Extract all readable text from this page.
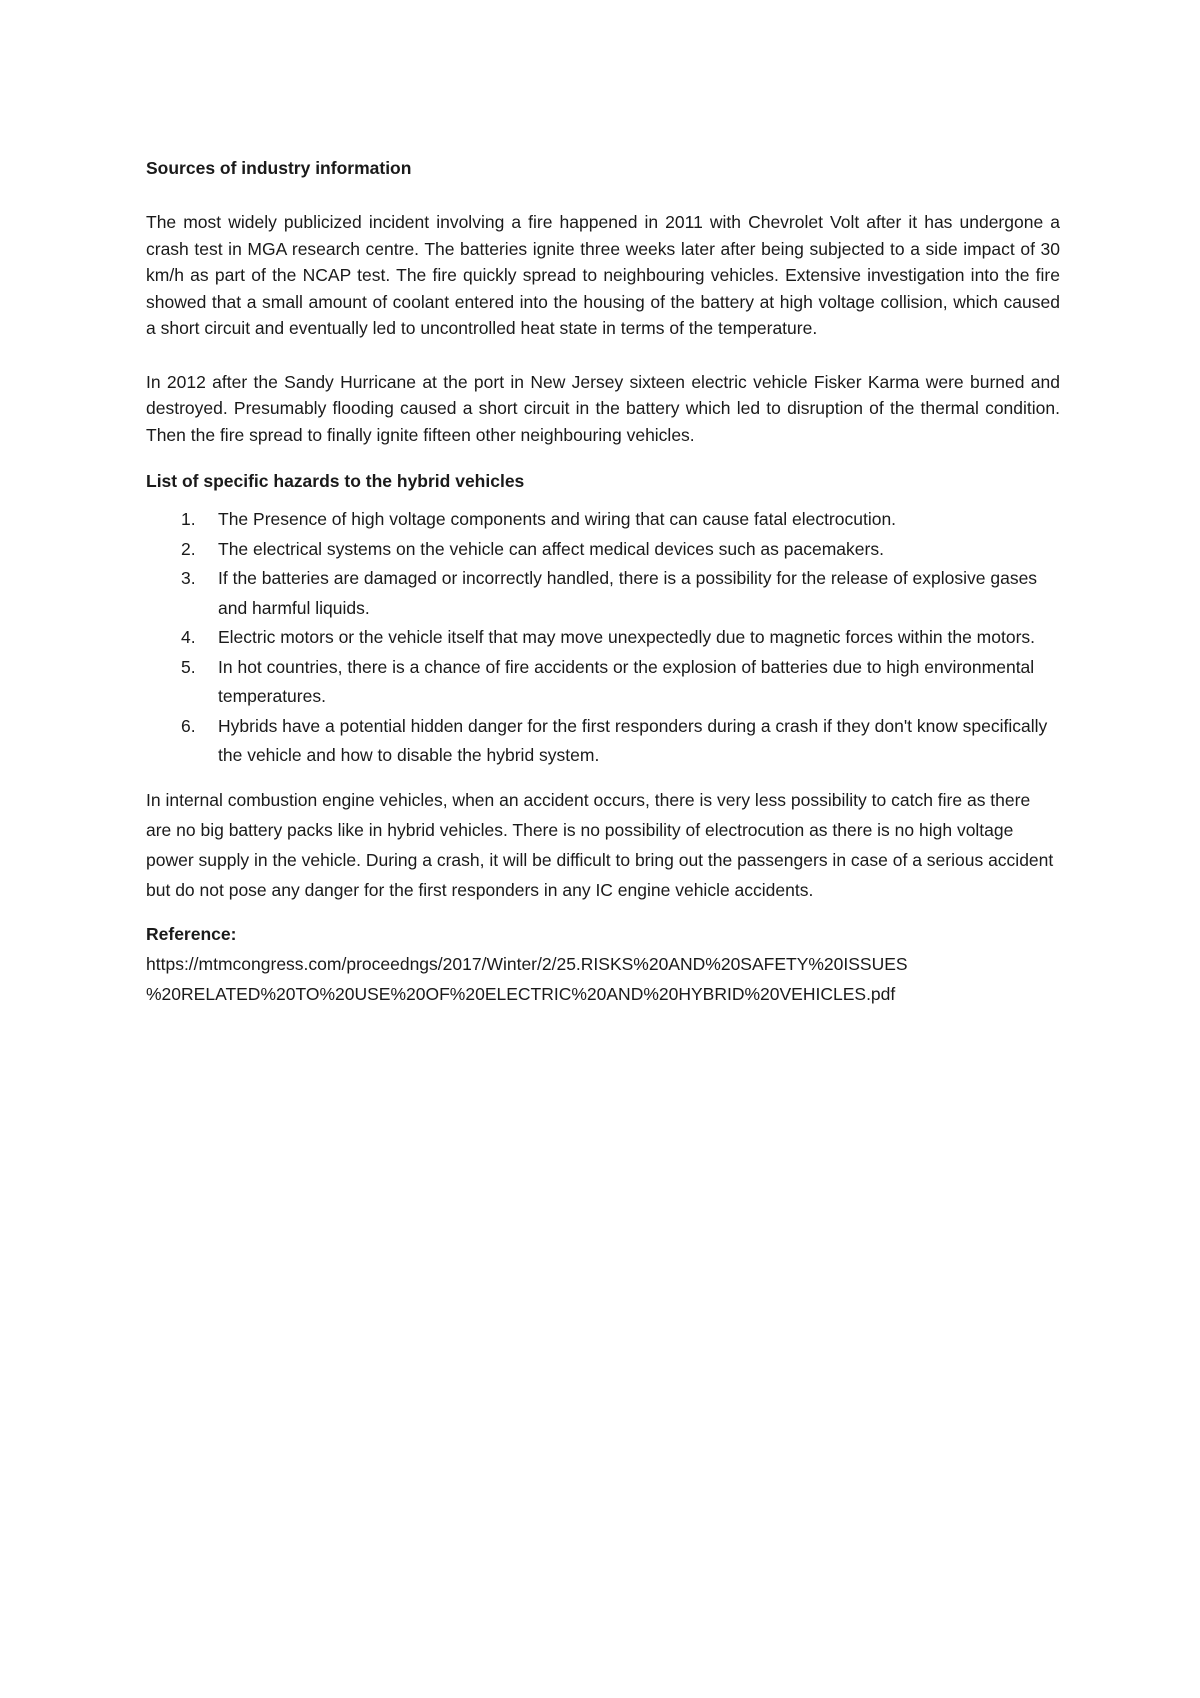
Sources of industry information

The most widely publicized incident involving a fire happened in 2011 with Chevrolet Volt after it has undergone a crash test in MGA research centre. The batteries ignite three weeks later after being subjected to a side impact of 30 km/h as part of the NCAP test. The fire quickly spread to neighbouring vehicles. Extensive investigation into the fire showed that a small amount of coolant entered into the housing of the battery at high voltage collision, which caused a short circuit and eventually led to uncontrolled heat state in terms of the temperature.

In 2012 after the Sandy Hurricane at the port in New Jersey sixteen electric vehicle Fisker Karma were burned and destroyed. Presumably flooding caused a short circuit in the battery which led to disruption of the thermal condition. Then the fire spread to finally ignite fifteen other neighbouring vehicles.

List of specific hazards to the hybrid vehicles

1.	The Presence of high voltage components and wiring that can cause fatal electrocution.
2.	The electrical systems on the vehicle can affect medical devices such as pacemakers.
3.	If the batteries are damaged or incorrectly handled, there is a possibility for the release of explosive gases and harmful liquids.
4.	Electric motors or the vehicle itself that may move unexpectedly due to magnetic forces within the motors.
5.	In hot countries, there is a chance of fire accidents or the explosion of batteries due to high environmental temperatures.
6.	Hybrids have a potential hidden danger for the first responders during a crash if they don't know specifically the vehicle and how to disable the hybrid system.

In internal combustion engine vehicles, when an accident occurs, there is very less possibility to catch fire as there are no big battery packs like in hybrid vehicles. There is no possibility of electrocution as there is no high voltage power supply in the vehicle. During a crash, it will be difficult to bring out the passengers in case of a serious accident but do not pose any danger for the first responders in any IC engine vehicle accidents.

Reference:

https://mtmcongress.com/proceedngs/2017/Winter/2/25.RISKS%20AND%20SAFETY%20ISSUES

%20RELATED%20TO%20USE%20OF%20ELECTRIC%20AND%20HYBRID%20VEHICLES.pdf
